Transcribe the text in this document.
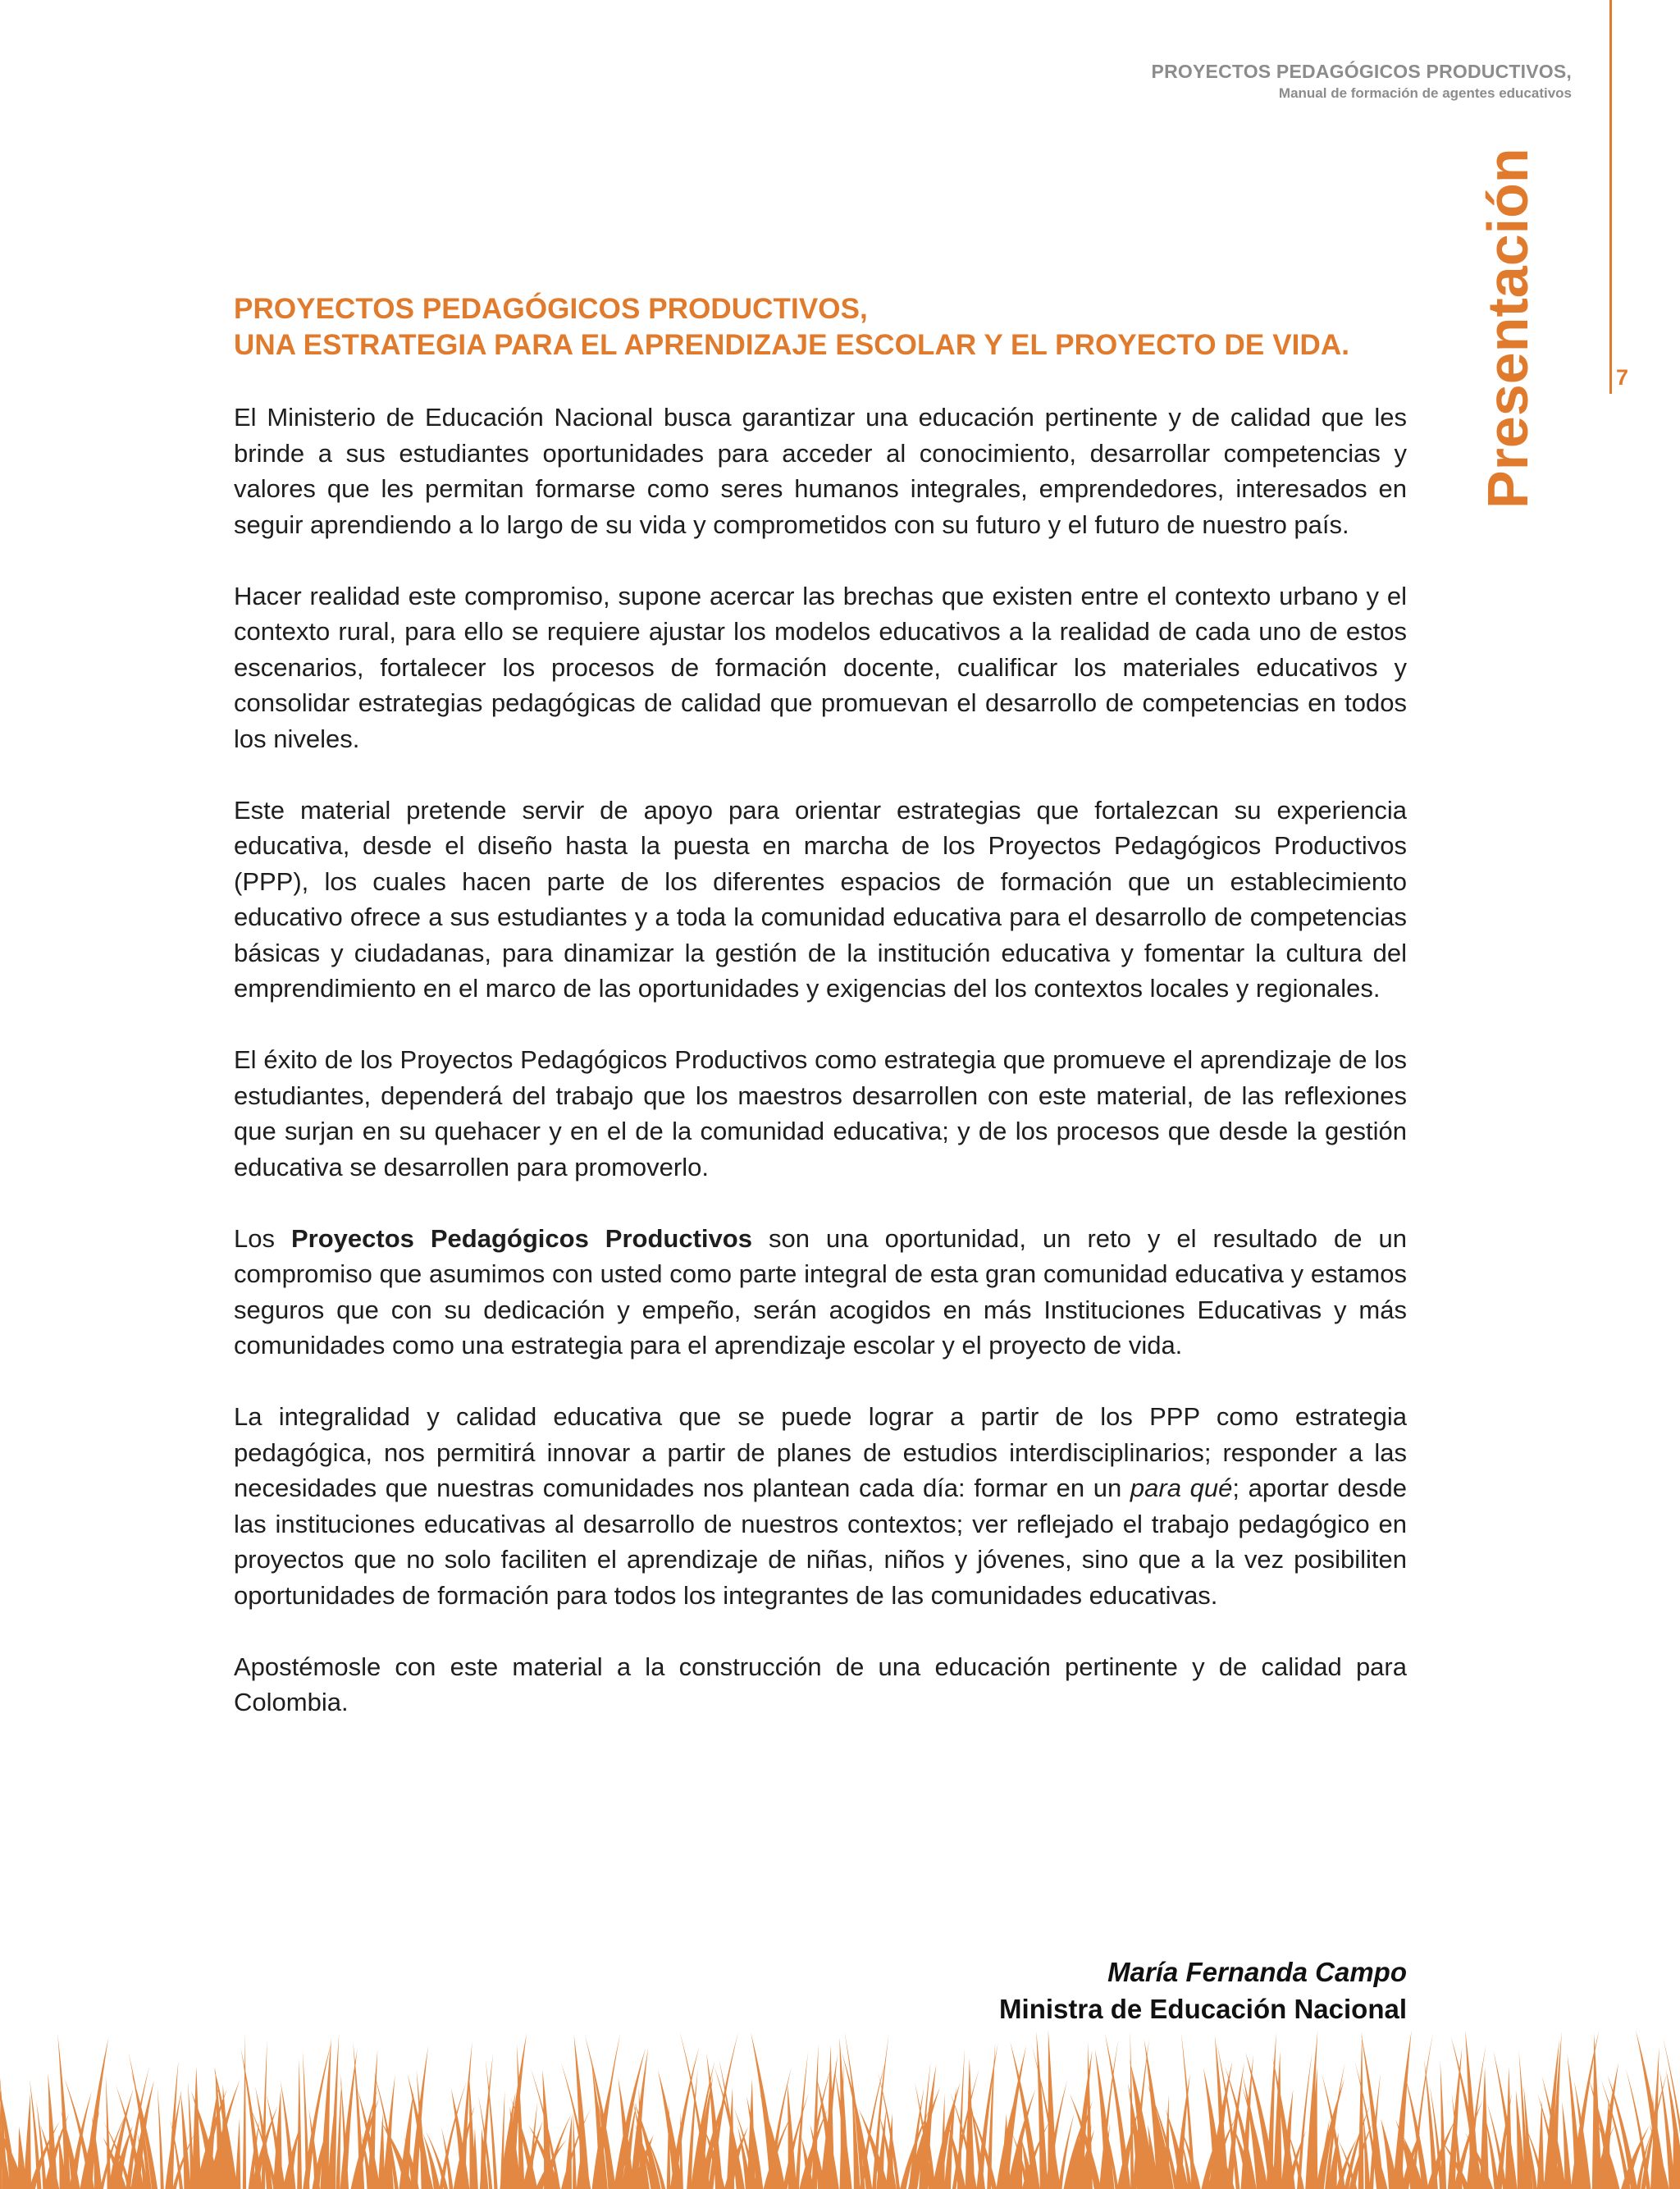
PROYECTOS PEDAGÓGICOS PRODUCTIVOS,
Manual de formación de agentes educativos
Presentación	7
PROYECTOS PEDAGÓGICOS PRODUCTIVOS,
UNA ESTRATEGIA PARA EL APRENDIZAJE ESCOLAR Y EL PROYECTO DE VIDA.

El Ministerio de Educación Nacional busca garantizar una educación pertinente y de calidad que les brinde a sus estudiantes oportunidades para acceder al conocimiento, desarrollar competencias y valores que les permitan formarse como seres humanos integrales, emprendedores, interesados en seguir aprendiendo a lo largo de su vida y comprometidos con su futuro y el futuro de nuestro país.

Hacer realidad este compromiso, supone acercar las brechas que existen entre el contexto urbano y el contexto rural, para ello se requiere ajustar los modelos educativos a la realidad de cada uno de estos escenarios, fortalecer los procesos de formación docente, cualificar los materiales educativos y consolidar estrategias pedagógicas de calidad que promuevan el desarrollo de competencias en todos los niveles.

Este material pretende servir de apoyo para orientar estrategias que fortalezcan su experiencia educativa, desde el diseño hasta la puesta en marcha de los Proyectos Pedagógicos Productivos (PPP), los cuales hacen parte de los diferentes espacios de formación que un establecimiento educativo ofrece a sus estudiantes y a toda la comunidad educativa para el desarrollo de competencias básicas y ciudadanas, para dinamizar la gestión de la institución educativa y fomentar la cultura del emprendimiento en el marco de las oportunidades y exigencias del los contextos locales y regionales.

El éxito de los Proyectos Pedagógicos Productivos como estrategia que promueve el aprendizaje de los estudiantes, dependerá del trabajo que los maestros desarrollen con este material, de las reflexiones que surjan en su quehacer y en el de la comunidad educativa; y de los procesos que desde la gestión educativa se desarrollen para promoverlo.

Los Proyectos Pedagógicos Productivos son una oportunidad, un reto y el resultado de un compromiso que asumimos con usted como parte integral de esta gran comunidad educativa y estamos seguros que con su dedicación y empeño, serán acogidos en más Instituciones Educativas y más comunidades como una estrategia para el aprendizaje escolar y el proyecto de vida.

La integralidad y calidad educativa que se puede lograr a partir de los PPP como estrategia pedagógica, nos permitirá innovar a partir de planes de estudios interdisciplinarios; responder a las necesidades que nuestras comunidades nos plantean cada día: formar en un para qué; aportar desde las instituciones educativas al desarrollo de nuestros contextos; ver reflejado el trabajo pedagógico en proyectos que no solo faciliten el aprendizaje de niñas, niños y jóvenes, sino que a la vez posibiliten oportunidades de formación para todos los integrantes de las comunidades educativas.

Apostémosle con este material a la construcción de una educación pertinente y de calidad para Colombia.

María Fernanda Campo
Ministra de Educación Nacional
